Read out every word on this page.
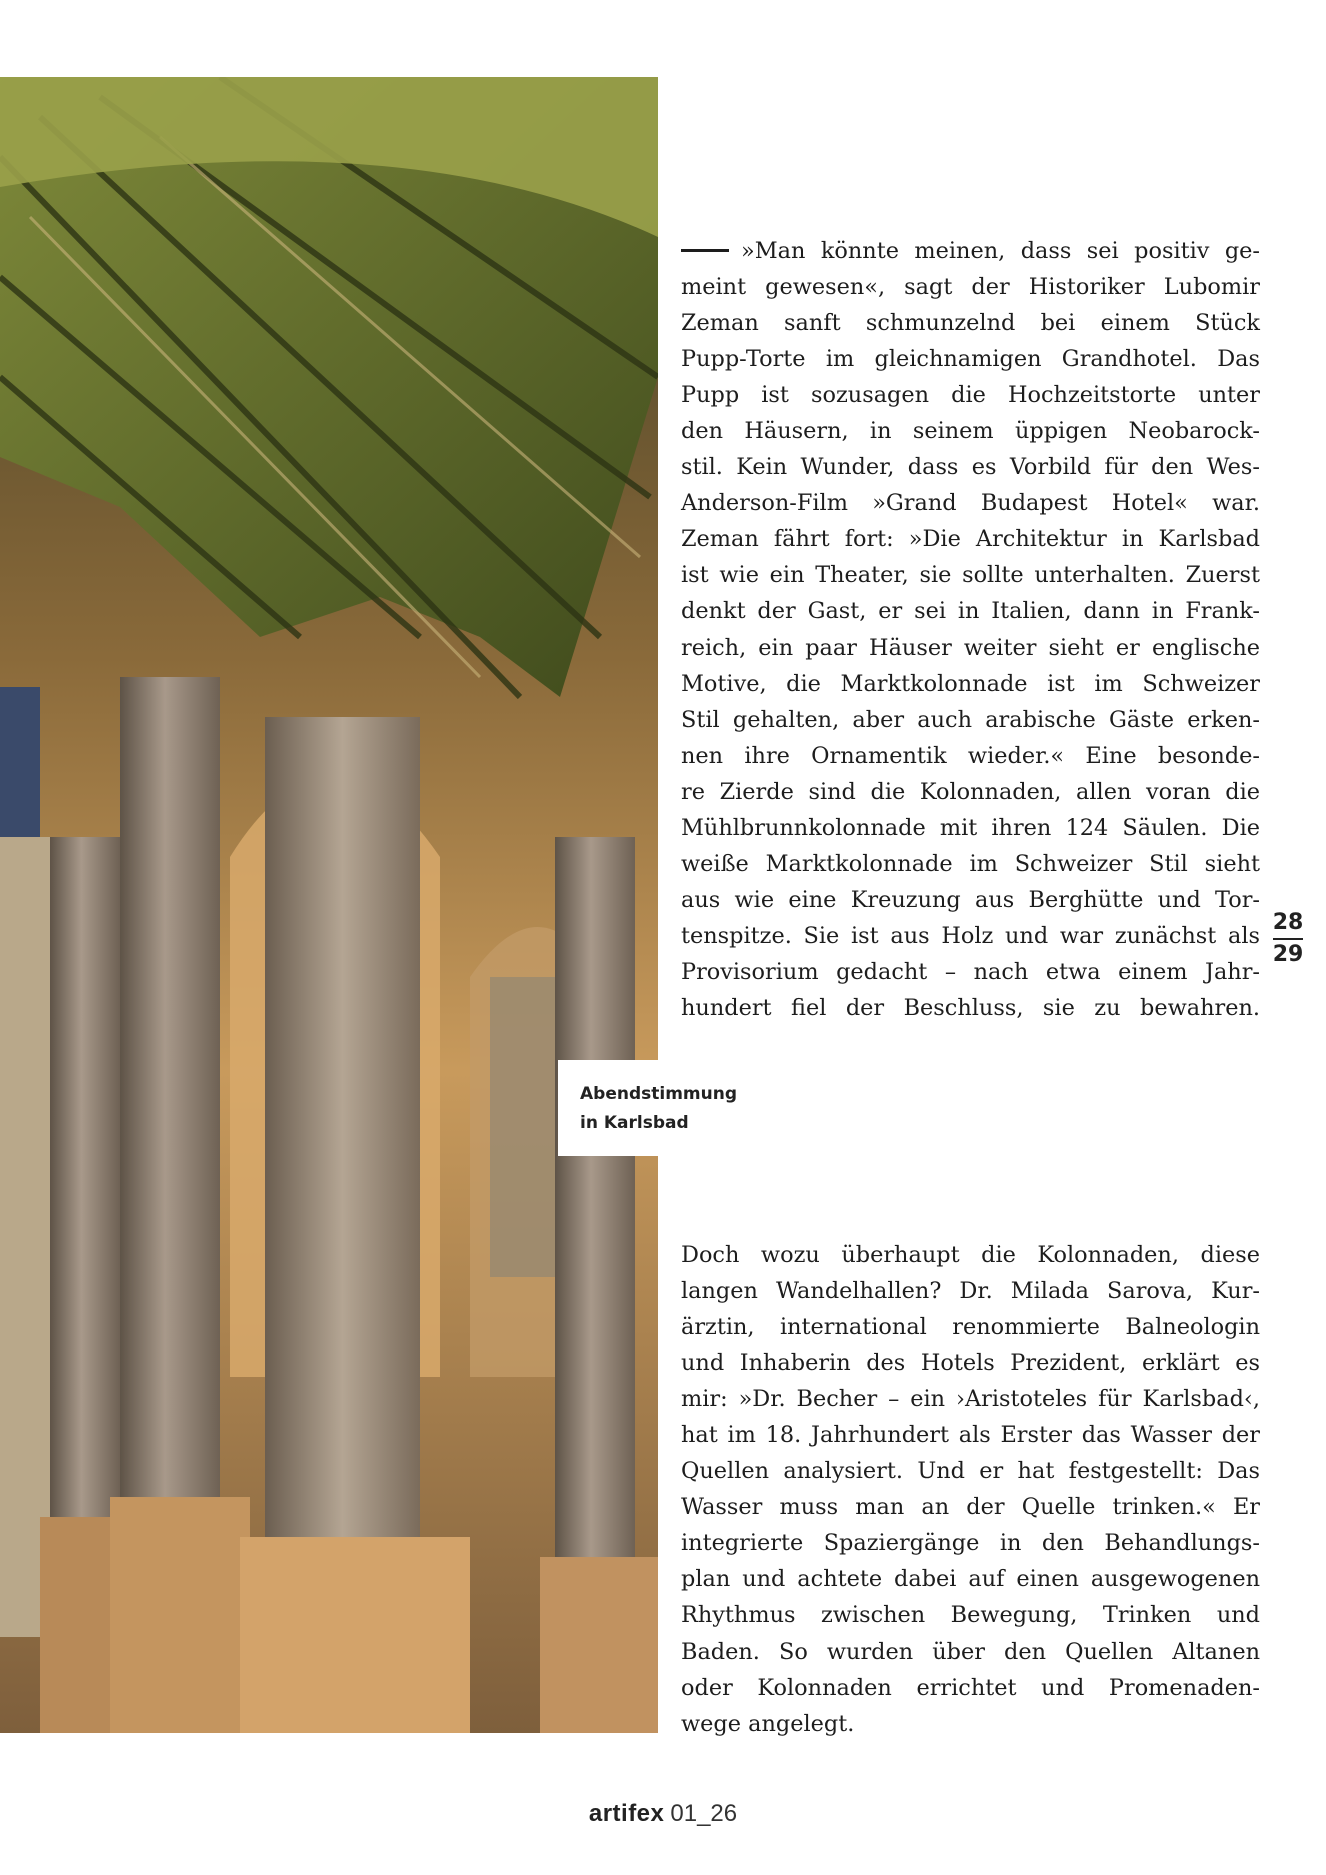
Abendstimmung
in Karlsbad
»Man könnte meinen, dass sei positiv ge-
meint gewesen«, sagt der Historiker Lubomir
Zeman sanft schmunzelnd bei einem Stück
Pupp-Torte im gleichnamigen Grandhotel. Das
Pupp ist sozusagen die Hochzeitstorte unter
den Häusern, in seinem üppigen Neobarock-
stil. Kein Wunder, dass es Vorbild für den Wes-
Anderson-Film »Grand Budapest Hotel« war.
Zeman fährt fort: »Die Architektur in Karlsbad
ist wie ein Theater, sie sollte unterhalten. Zuerst
denkt der Gast, er sei in Italien, dann in Frank-
reich, ein paar Häuser weiter sieht er englische
Motive, die Marktkolonnade ist im Schweizer
Stil gehalten, aber auch arabische Gäste erken-
nen ihre Ornamentik wieder.« Eine besonde-
re Zierde sind die Kolonnaden, allen voran die
Mühlbrunnkolonnade mit ihren 124 Säulen. Die
weiße Marktkolonnade im Schweizer Stil sieht
aus wie eine Kreuzung aus Berghütte und Tor-
tenspitze. Sie ist aus Holz und war zunächst als
Provisorium gedacht – nach etwa einem Jahr-
hundert fiel der Beschluss, sie zu bewahren.
28
29
Doch wozu überhaupt die Kolonnaden, diese
langen Wandelhallen? Dr. Milada Sarova, Kur-
ärztin, international renommierte Balneologin
und Inhaberin des Hotels Prezident, erklärt es
mir: »Dr. Becher – ein ›Aristoteles für Karlsbad‹,
hat im 18. Jahrhundert als Erster das Wasser der
Quellen analysiert. Und er hat festgestellt: Das
Wasser muss man an der Quelle trinken.« Er
integrierte Spaziergänge in den Behandlungs-
plan und achtete dabei auf einen ausgewogenen
Rhythmus zwischen Bewegung, Trinken und
Baden. So wurden über den Quellen Altanen
oder Kolonnaden errichtet und Promenaden-
wege angelegt.
artifex 01_26
